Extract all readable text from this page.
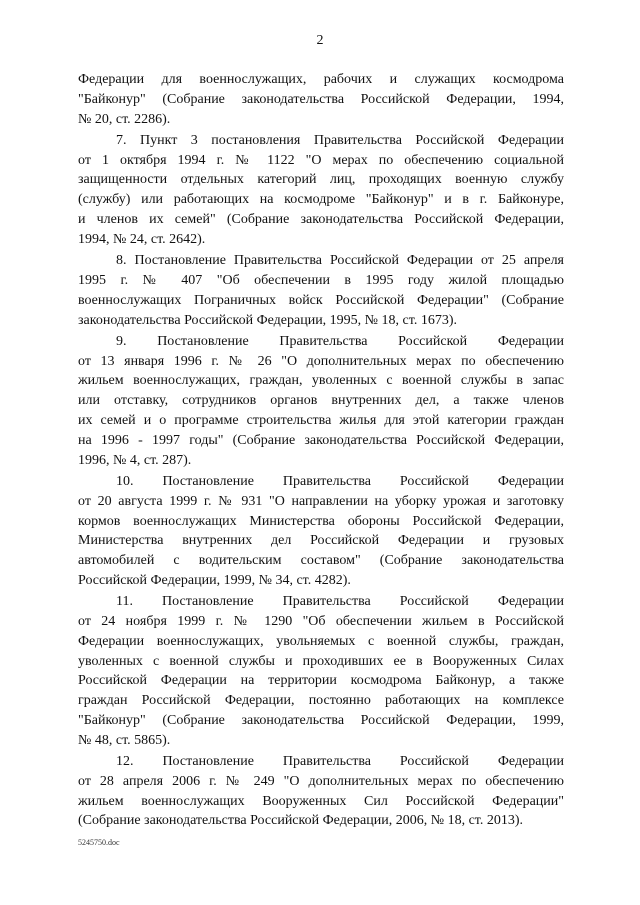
2
Федерации для военнослужащих, рабочих и служащих космодрома
"Байконур" (Собрание законодательства Российской Федерации, 1994,
№ 20, ст. 2286).
7. Пункт 3 постановления Правительства Российской Федерации
от 1 октября 1994 г. № 1122 "О мерах по обеспечению социальной
защищенности отдельных категорий лиц, проходящих военную службу
(службу) или работающих на космодроме "Байконур" и в г. Байконуре,
и членов их семей" (Собрание законодательства Российской Федерации,
1994, № 24, ст. 2642).
8. Постановление Правительства Российской Федерации от 25 апреля
1995 г. № 407 "Об обеспечении в 1995 году жилой площадью
военнослужащих Пограничных войск Российской Федерации" (Собрание
законодательства Российской Федерации, 1995, № 18, ст. 1673).
9. Постановление Правительства Российской Федерации
от 13 января 1996 г. № 26 "О дополнительных мерах по обеспечению
жильем военнослужащих, граждан, уволенных с военной службы в запас
или отставку, сотрудников органов внутренних дел, а также членов
их семей и о программе строительства жилья для этой категории граждан
на 1996 - 1997 годы" (Собрание законодательства Российской Федерации,
1996, № 4, ст. 287).
10. Постановление Правительства Российской Федерации
от 20 августа 1999 г. № 931 "О направлении на уборку урожая и заготовку
кормов военнослужащих Министерства обороны Российской Федерации,
Министерства внутренних дел Российской Федерации и грузовых
автомобилей с водительским составом" (Собрание законодательства
Российской Федерации, 1999, № 34, ст. 4282).
11. Постановление Правительства Российской Федерации
от 24 ноября 1999 г. № 1290 "Об обеспечении жильем в Российской
Федерации военнослужащих, увольняемых с военной службы, граждан,
уволенных с военной службы и проходивших ее в Вооруженных Силах
Российской Федерации на территории космодрома Байконур, а также
граждан Российской Федерации, постоянно работающих на комплексе
"Байконур" (Собрание законодательства Российской Федерации, 1999,
№ 48, ст. 5865).
12. Постановление Правительства Российской Федерации
от 28 апреля 2006 г. № 249 "О дополнительных мерах по обеспечению
жильем военнослужащих Вооруженных Сил Российской Федерации"
(Собрание законодательства Российской Федерации, 2006, № 18, ст. 2013).
5245750.doc
